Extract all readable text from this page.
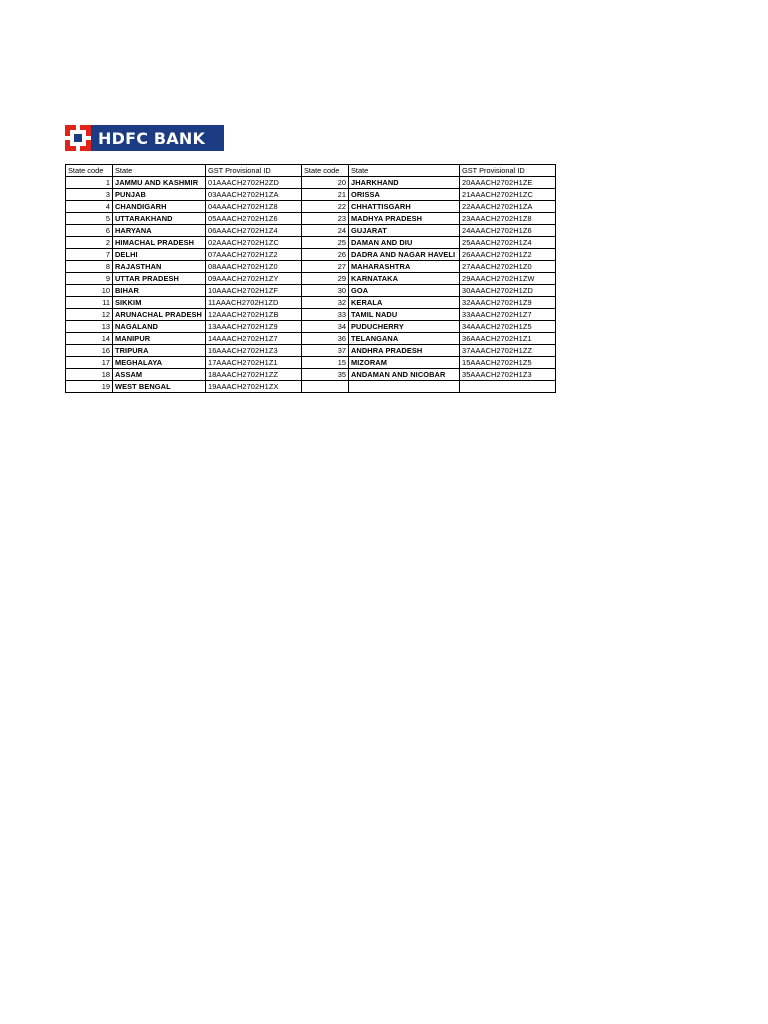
HDFC BANK
State code	State	GST Provisional ID	State code	State	GST Provisional ID
1	JAMMU AND KASHMIR	01AAACH2702H2ZD	20	JHARKHAND	20AAACH2702H1ZE
3	PUNJAB	03AAACH2702H1ZA	21	ORISSA	21AAACH2702H1ZC
4	CHANDIGARH	04AAACH2702H1Z8	22	CHHATTISGARH	22AAACH2702H1ZA
5	UTTARAKHAND	05AAACH2702H1Z6	23	MADHYA PRADESH	23AAACH2702H1Z8
6	HARYANA	06AAACH2702H1Z4	24	GUJARAT	24AAACH2702H1Z6
2	HIMACHAL PRADESH	02AAACH2702H1ZC	25	DAMAN AND DIU	25AAACH2702H1Z4
7	DELHI	07AAACH2702H1Z2	26	DADRA AND NAGAR HAVELI	26AAACH2702H1Z2
8	RAJASTHAN	08AAACH2702H1Z0	27	MAHARASHTRA	27AAACH2702H1Z0
9	UTTAR PRADESH	09AAACH2702H1ZY	29	KARNATAKA	29AAACH2702H1ZW
10	BIHAR	10AAACH2702H1ZF	30	GOA	30AAACH2702H1ZD
11	SIKKIM	11AAACH2702H1ZD	32	KERALA	32AAACH2702H1Z9
12	ARUNACHAL PRADESH	12AAACH2702H1ZB	33	TAMIL NADU	33AAACH2702H1Z7
13	NAGALAND	13AAACH2702H1Z9	34	PUDUCHERRY	34AAACH2702H1Z5
14	MANIPUR	14AAACH2702H1Z7	36	TELANGANA	36AAACH2702H1Z1
16	TRIPURA	16AAACH2702H1Z3	37	ANDHRA PRADESH	37AAACH2702H1ZZ
17	MEGHALAYA	17AAACH2702H1Z1	15	MIZORAM	15AAACH2702H1Z5
18	ASSAM	18AAACH2702H1ZZ	35	ANDAMAN AND NICOBAR	35AAACH2702H1Z3
19	WEST BENGAL	19AAACH2702H1ZX			
